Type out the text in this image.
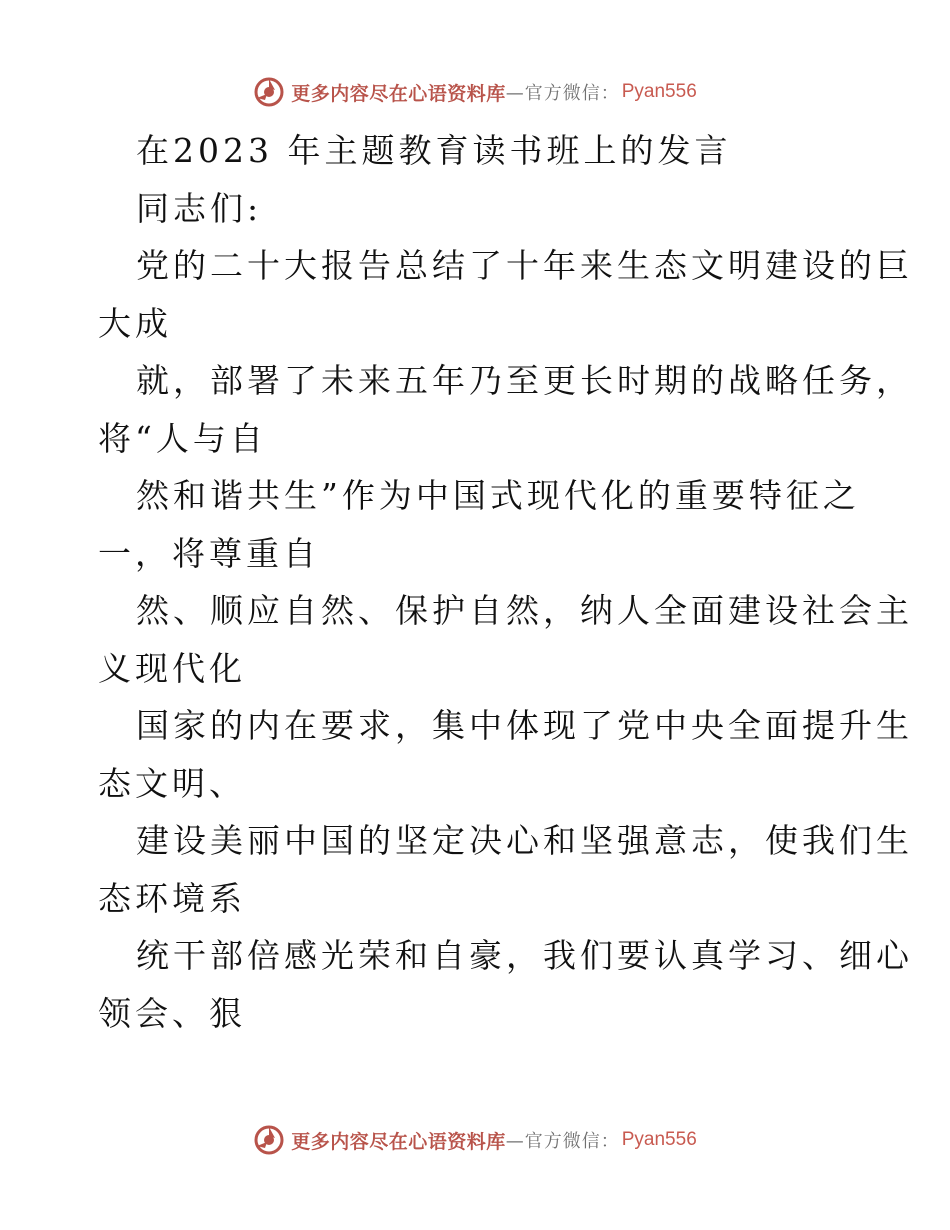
更多内容尽在心语资料库 —官方微信： Pyan556
在2023 年主题教育读书班上的发言
同志们:
党的二十大报告总结了十年来生态文明建设的巨
大成
就，部署了未来五年乃至更长时期的战略任务，
将“人与自
然和谐共生”作为中国式现代化的重要特征之
一，将尊重自
然、顺应自然、保护自然，纳人全面建设社会主
义现代化
国家的内在要求，集中体现了党中央全面提升生
态文明、
建设美丽中国的坚定决心和坚强意志，使我们生
态环境系
统干部倍感光荣和自豪，我们要认真学习、细心
领会、狠
更多内容尽在心语资料库 —官方微信： Pyan556
